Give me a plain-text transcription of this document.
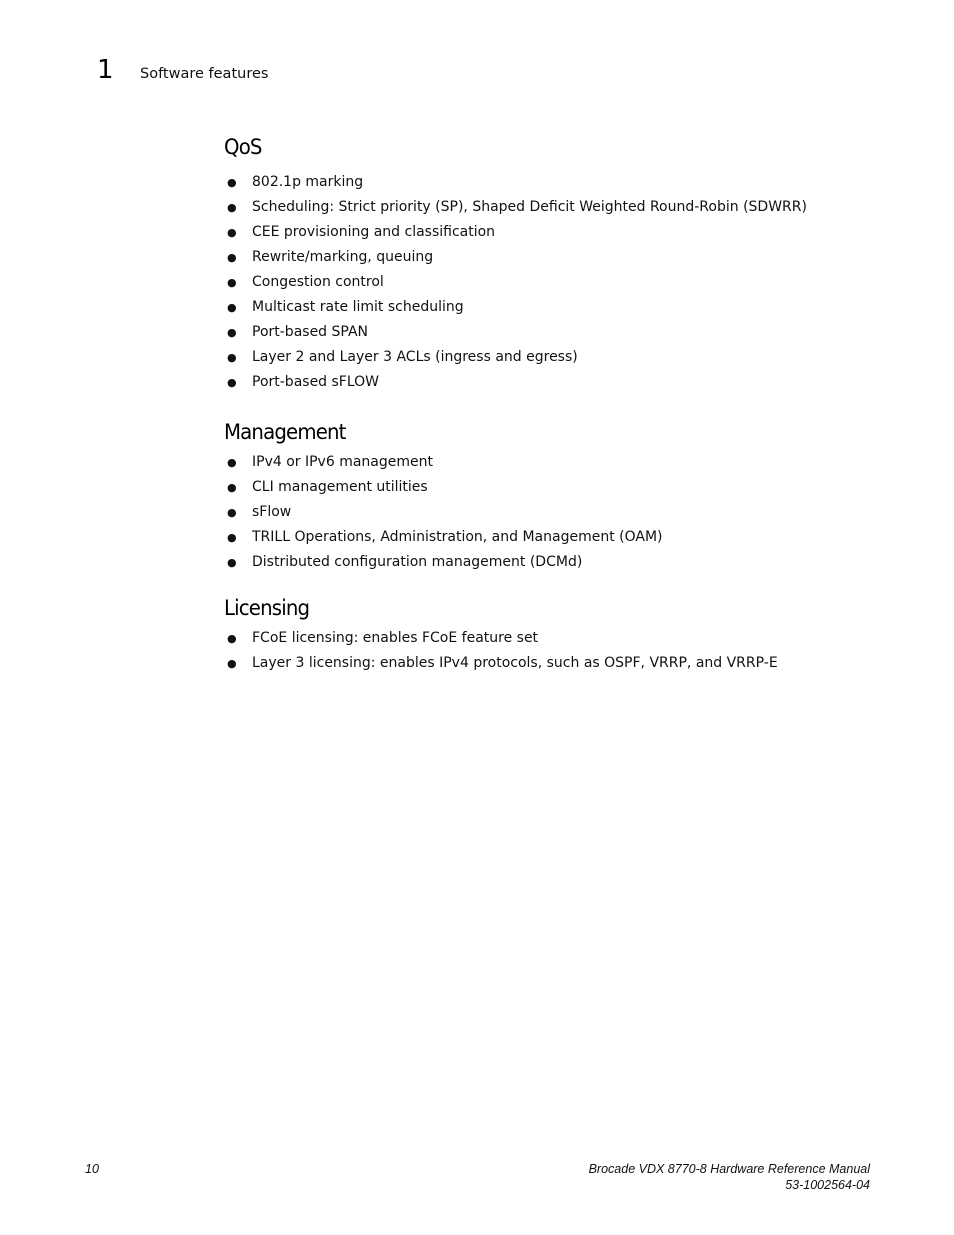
1 Software features
QoS
● 802.1p marking
● Scheduling: Strict priority (SP), Shaped Deficit Weighted Round-Robin (SDWRR)
● CEE provisioning and classification
● Rewrite/marking, queuing
● Congestion control
● Multicast rate limit scheduling
● Port-based SPAN
● Layer 2 and Layer 3 ACLs (ingress and egress)
● Port-based sFLOW
Management
● IPv4 or IPv6 management
● CLI management utilities
● sFlow
● TRILL Operations, Administration, and Management (OAM)
● Distributed configuration management (DCMd)
Licensing
● FCoE licensing: enables FCoE feature set
● Layer 3 licensing: enables IPv4 protocols, such as OSPF, VRRP, and VRRP-E
10	Brocade VDX 8770-8 Hardware Reference Manual
53-1002564-04
